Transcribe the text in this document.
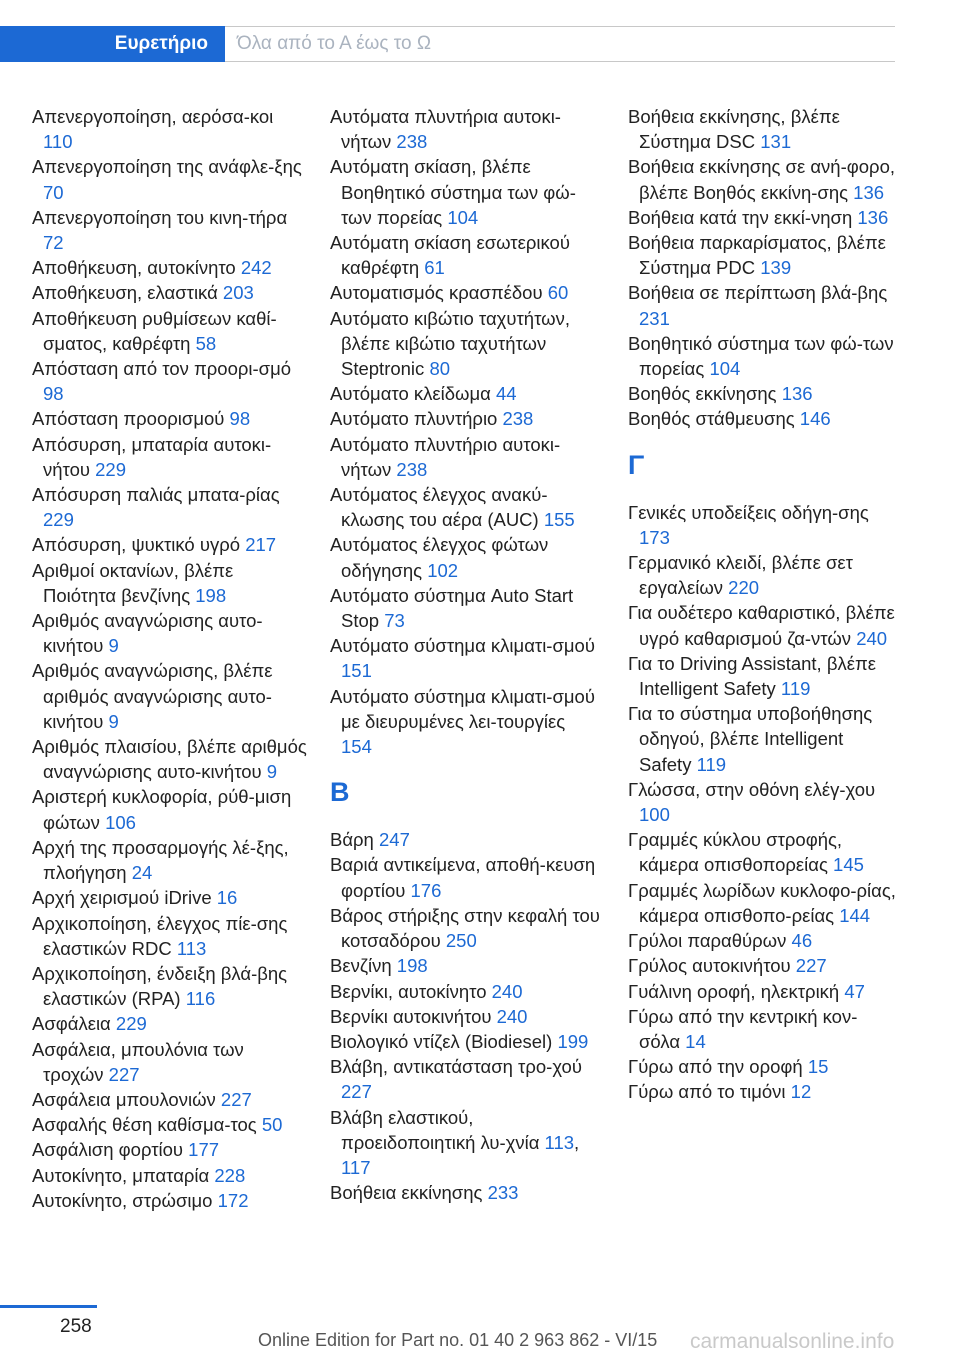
Ευρετήριο	Όλα από το Α έως το Ω
Απενεργοποίηση, αερόσα-κοι 110
Απενεργοποίηση της ανάφλε-ξης 70
Απενεργοποίηση του κινη-τήρα 72
Αποθήκευση, αυτοκίνητο 242
Αποθήκευση, ελαστικά 203
Αποθήκευση ρυθμίσεων καθί-σματος, καθρέφτη 58
Απόσταση από τον προορι-σμό 98
Απόσταση προορισμού 98
Απόσυρση, μπαταρία αυτοκι-νήτου 229
Απόσυρση παλιάς μπατα-ρίας 229
Απόσυρση, ψυκτικό υγρό 217
Αριθμοί οκτανίων, βλέπε Ποιότητα βενζίνης 198
Αριθμός αναγνώρισης αυτο-κινήτου 9
Αριθμός αναγνώρισης, βλέπε αριθμός αναγνώρισης αυτο-κινήτου 9
Αριθμός πλαισίου, βλέπε αριθμός αναγνώρισης αυτο-κινήτου 9
Αριστερή κυκλοφορία, ρύθ-μιση φώτων 106
Αρχή της προσαρμογής λέ-ξης, πλοήγηση 24
Αρχή χειρισμού iDrive 16
Αρχικοποίηση, έλεγχος πίε-σης ελαστικών RDC 113
Αρχικοποίηση, ένδειξη βλά-βης ελαστικών (RPA) 116
Ασφάλεια 229
Ασφάλεια, μπουλόνια των τροχών 227
Ασφάλεια μπουλονιών 227
Ασφαλής θέση καθίσμα-τος 50
Ασφάλιση φορτίου 177
Αυτοκίνητο, μπαταρία 228
Αυτοκίνητο, στρώσιμο 172
Αυτόματα πλυντήρια αυτοκι-νήτων 238
Αυτόματη σκίαση, βλέπε Βοηθητικό σύστημα των φώ-των πορείας 104
Αυτόματη σκίαση εσωτερικού καθρέφτη 61
Αυτοματισμός κρασπέδου 60
Αυτόματο κιβώτιο ταχυτήτων, βλέπε κιβώτιο ταχυτήτων Steptronic 80
Αυτόματο κλείδωμα 44
Αυτόματο πλυντήριο 238
Αυτόματο πλυντήριο αυτοκι-νήτων 238
Αυτόματος έλεγχος ανακύ-κλωσης του αέρα (AUC) 155
Αυτόματος έλεγχος φώτων οδήγησης 102
Αυτόματο σύστημα Auto Start Stop 73
Αυτόματο σύστημα κλιματι-σμού 151
Αυτόματο σύστημα κλιματι-σμού με διευρυμένες λει-τουργίες 154
Β
Βάρη 247
Βαριά αντικείμενα, αποθή-κευση φορτίου 176
Βάρος στήριξης στην κεφαλή του κοτσαδόρου 250
Βενζίνη 198
Βερνίκι, αυτοκίνητο 240
Βερνίκι αυτοκινήτου 240
Βιολογικό ντίζελ (Biodiesel) 199
Βλάβη, αντικατάσταση τρο-χού 227
Βλάβη ελαστικού, προειδοποιητική λυ-χνία 113, 117
Βοήθεια εκκίνησης 233
Βοήθεια εκκίνησης, βλέπε Σύστημα DSC 131
Βοήθεια εκκίνησης σε ανή-φορο, βλέπε Βοηθός εκκίνη-σης 136
Βοήθεια κατά την εκκί-νηση 136
Βοήθεια παρκαρίσματος, βλέπε Σύστημα PDC 139
Βοήθεια σε περίπτωση βλά-βης 231
Βοηθητικό σύστημα των φώ-των πορείας 104
Βοηθός εκκίνησης 136
Βοηθός στάθμευσης 146
Γ
Γενικές υποδείξεις οδήγη-σης 173
Γερμανικό κλειδί, βλέπε σετ εργαλείων 220
Για ουδέτερο καθαριστικό, βλέπε υγρό καθαρισμού ζα-ντών 240
Για το Driving Assistant, βλέπε Intelligent Safety 119
Για το σύστημα υποβοήθησης οδηγού, βλέπε Intelligent Safety 119
Γλώσσα, στην οθόνη ελέγ-χου 100
Γραμμές κύκλου στροφής, κάμερα οπισθοπορείας 145
Γραμμές λωρίδων κυκλοφο-ρίας, κάμερα οπισθοπο-ρείας 144
Γρύλοι παραθύρων 46
Γρύλος αυτοκινήτου 227
Γυάλινη οροφή, ηλεκτρική 47
Γύρω από την κεντρική κον-σόλα 14
Γύρω από την οροφή 15
Γύρω από το τιμόνι 12
258
Online Edition for Part no. 01 40 2 963 862 - VI/15 carmanualsonline.info
